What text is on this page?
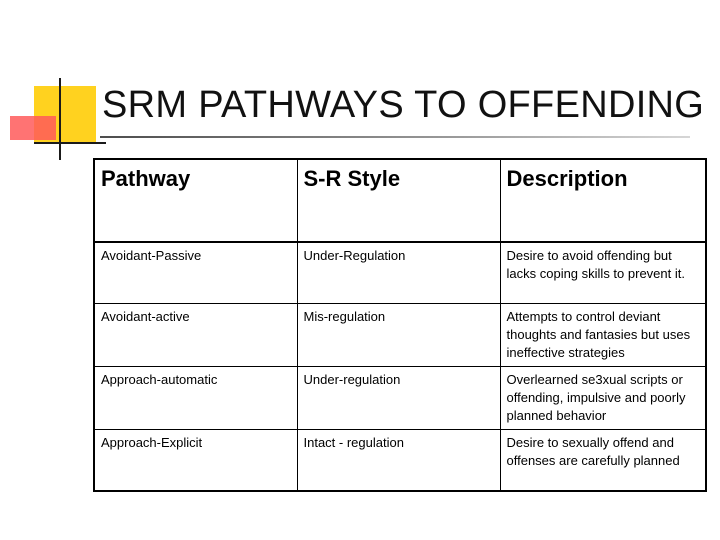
SRM PATHWAYS TO OFFENDING
Pathway	S-R Style	Description
Avoidant-Passive	Under-Regulation	Desire to avoid offending but lacks coping skills to prevent it.
Avoidant-active	Mis-regulation	Attempts to control deviant thoughts and fantasies but uses ineffective strategies
Approach-automatic	Under-regulation	Overlearned se3xual scripts or offending, impulsive and poorly planned behavior
Approach-Explicit	Intact - regulation	Desire to sexually offend and offenses are carefully planned
